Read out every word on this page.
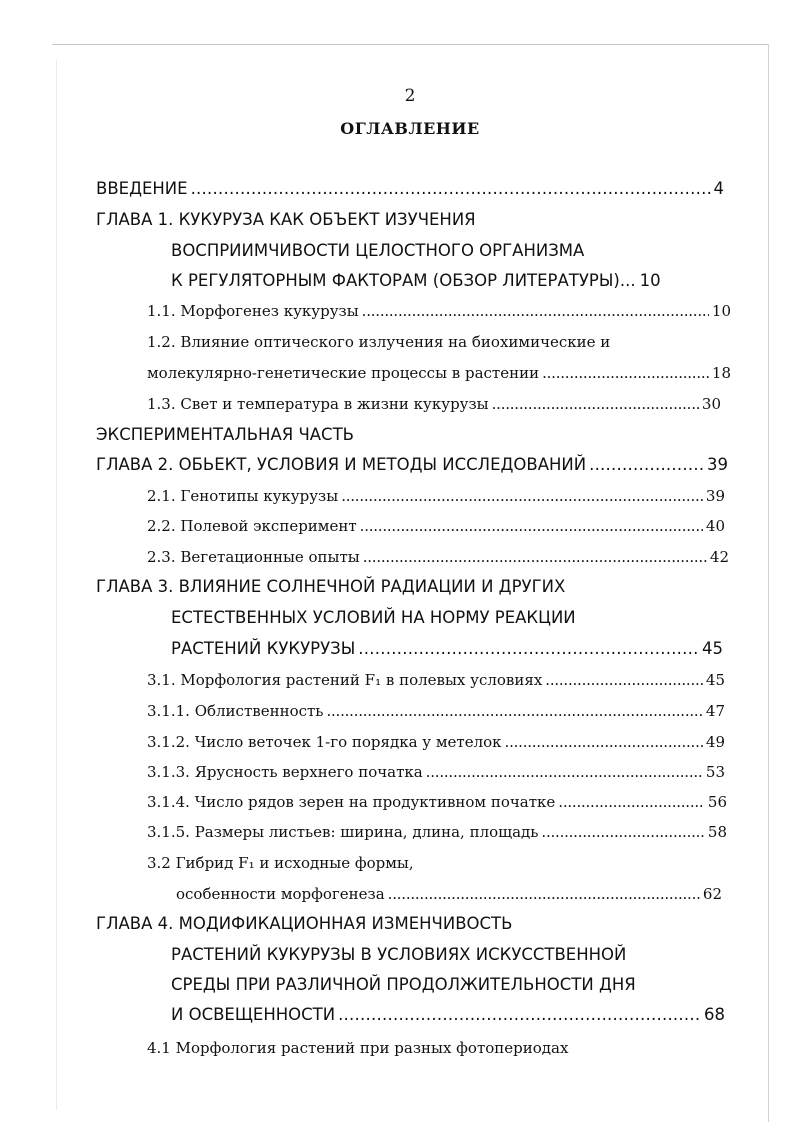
2
ОГЛАВЛЕНИЕ
ВВЕДЕНИЕ . . .	4
ГЛАВА 1. КУКУРУЗА КАК ОБЪЕКТ ИЗУЧЕНИЯ
ВОСПРИИМЧИВОСТИ ЦЕЛОСТНОГО ОРГАНИЗМА
К РЕГУЛЯТОРНЫМ ФАКТОРАМ (ОБЗОР ЛИТЕРАТУРЫ)... 10
1.1. Морфогенез кукурузы . . .	10
1.2. Влияние оптического излучения на биохимические и
молекулярно-генетические процессы в растении . . .	18
1.3. Свет и температура в жизни кукурузы . . .	30
ЭКСПЕРИМЕНТАЛЬНАЯ ЧАСТЬ
ГЛАВА 2. ОБЬЕКТ, УСЛОВИЯ И МЕТОДЫ ИССЛЕДОВАНИЙ . . .	39
2.1. Генотипы кукурузы . . .	39
2.2. Полевой эксперимент . . .	40
2.3. Вегетационные опыты . . .	42
ГЛАВА 3. ВЛИЯНИЕ СОЛНЕЧНОЙ РАДИАЦИИ И ДРУГИХ
ЕСТЕСТВЕННЫХ УСЛОВИЙ НА НОРМУ РЕАКЦИИ
РАСТЕНИЙ КУКУРУЗЫ . . .	45
3.1. Морфология растений F₁ в полевых условиях . . .	45
3.1.1. Облиственность . . .	47
3.1.2. Число веточек 1-го порядка у метелок . . .	49
3.1.3. Ярусность верхнего початка . . .	53
3.1.4. Число рядов зерен на продуктивном початке . . .	56
3.1.5. Размеры листьев: ширина, длина, площадь . . .	58
3.2 Гибрид F₁ и исходные формы,
особенности морфогенеза . . .	62
ГЛАВА 4. МОДИФИКАЦИОННАЯ ИЗМЕНЧИВОСТЬ
РАСТЕНИЙ КУКУРУЗЫ В УСЛОВИЯХ ИСКУССТВЕННОЙ
СРЕДЫ ПРИ РАЗЛИЧНОЙ ПРОДОЛЖИТЕЛЬНОСТИ ДНЯ
И ОСВЕЩЕННОСТИ . . .	68
4.1 Морфология растений при разных фотопериодах
